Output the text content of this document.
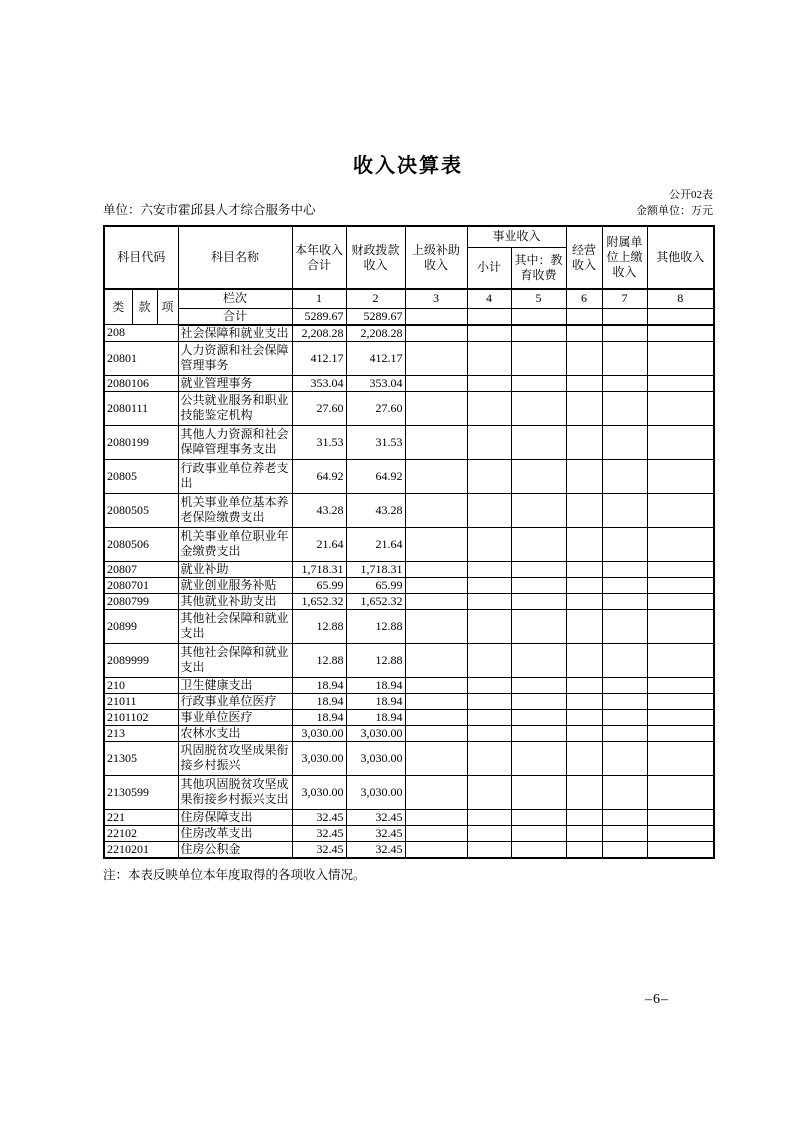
收入决算表
公开02表
单位：六安市霍邱县人才综合服务中心	金额单位：万元
科目代码			科目名称	本年收入合计	财政拨款收入	上级补助收入	事业收入		经营收入	附属单位上缴收入	其他收入
							小计	其中：教育收费			
类	款	项	栏次	1	2	3	4	5	6	7	8
			合计	5289.67	5289.67						
208			社会保障和就业支出	2,208.28	2,208.28						
20801			人力资源和社会保障管理事务	412.17	412.17						
2080106			就业管理事务	353.04	353.04						
2080111			公共就业服务和职业技能鉴定机构	27.60	27.60						
2080199			其他人力资源和社会保障管理事务支出	31.53	31.53						
20805			行政事业单位养老支出	64.92	64.92						
2080505			机关事业单位基本养老保险缴费支出	43.28	43.28						
2080506			机关事业单位职业年金缴费支出	21.64	21.64						
20807			就业补助	1,718.31	1,718.31						
2080701			就业创业服务补贴	65.99	65.99						
2080799			其他就业补助支出	1,652.32	1,652.32						
20899			其他社会保障和就业支出	12.88	12.88						
2089999			其他社会保障和就业支出	12.88	12.88						
210			卫生健康支出	18.94	18.94						
21011			行政事业单位医疗	18.94	18.94						
2101102			事业单位医疗	18.94	18.94						
213			农林水支出	3,030.00	3,030.00						
21305			巩固脱贫攻坚成果衔接乡村振兴	3,030.00	3,030.00						
2130599			其他巩固脱贫攻坚成果衔接乡村振兴支出	3,030.00	3,030.00						
221			住房保障支出	32.45	32.45						
22102			住房改革支出	32.45	32.45						
2210201			住房公积金	32.45	32.45						
注：本表反映单位本年度取得的各项收入情况。
–6–
